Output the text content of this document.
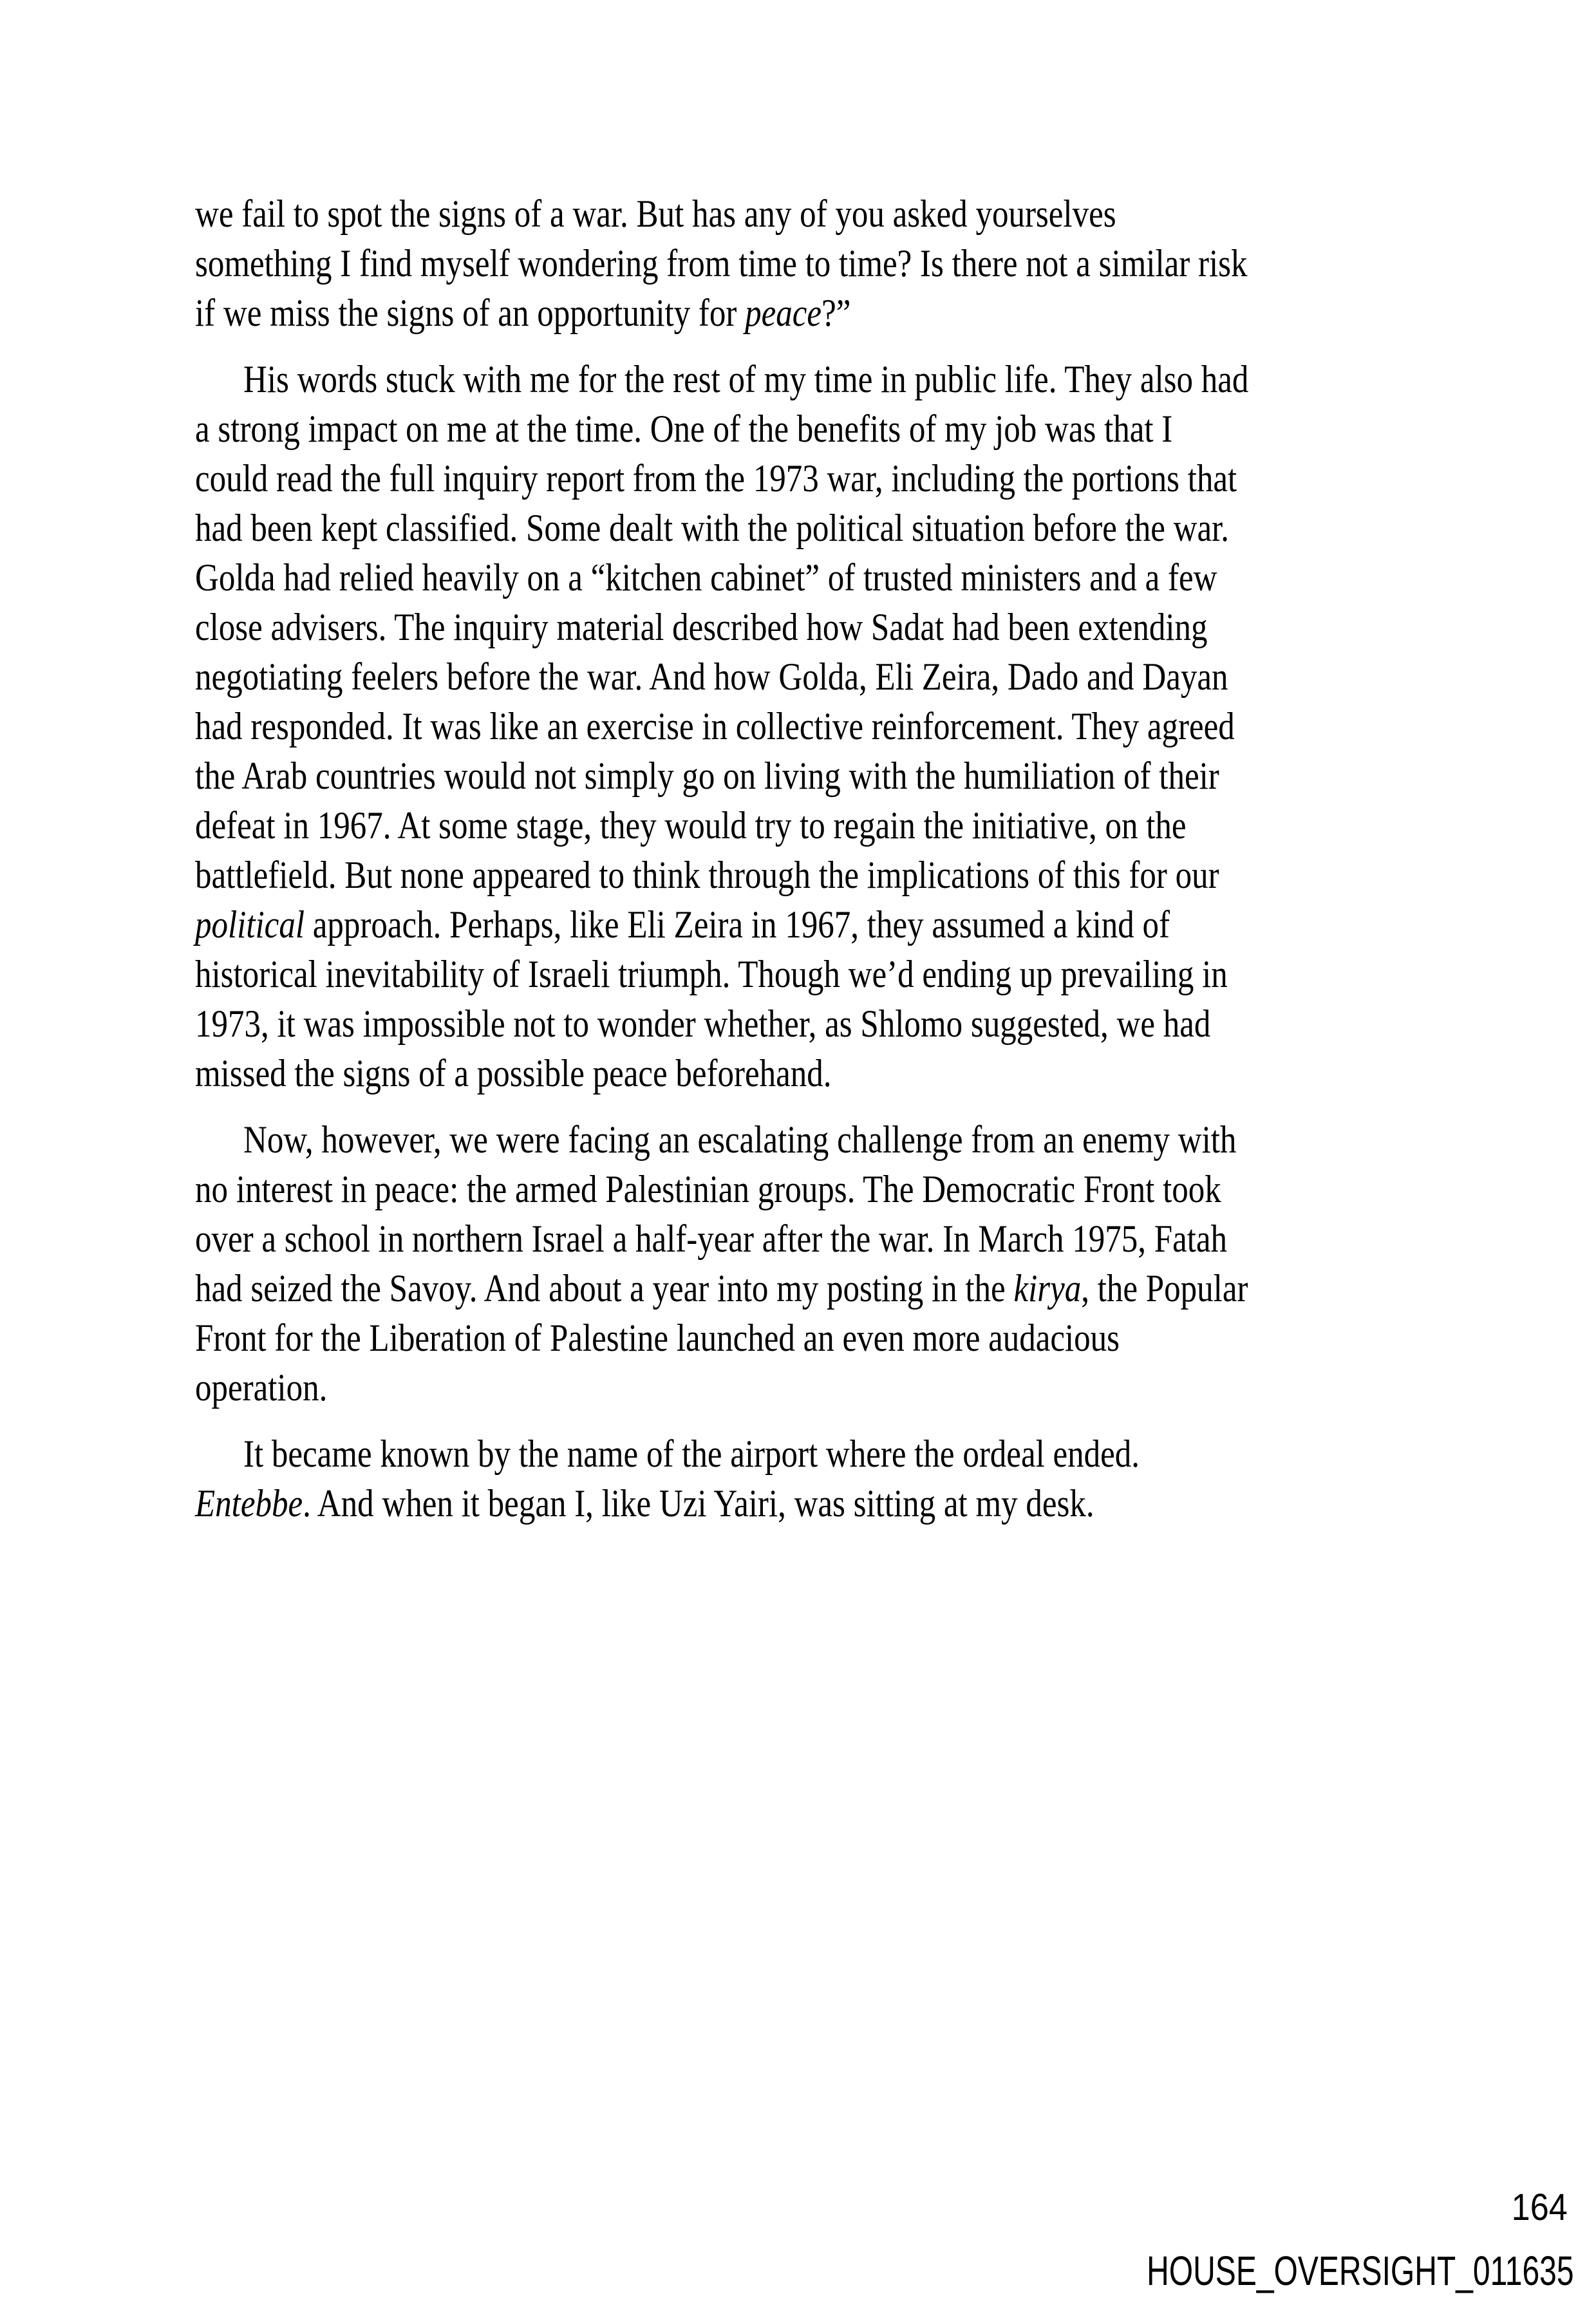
we fail to spot the signs of a war. But has any of you asked yourselves
something I find myself wondering from time to time? Is there not a similar risk
if we miss the signs of an opportunity for peace?”
His words stuck with me for the rest of my time in public life. They also had
a strong impact on me at the time. One of the benefits of my job was that I
could read the full inquiry report from the 1973 war, including the portions that
had been kept classified. Some dealt with the political situation before the war.
Golda had relied heavily on a “kitchen cabinet” of trusted ministers and a few
close advisers. The inquiry material described how Sadat had been extending
negotiating feelers before the war. And how Golda, Eli Zeira, Dado and Dayan
had responded. It was like an exercise in collective reinforcement. They agreed
the Arab countries would not simply go on living with the humiliation of their
defeat in 1967. At some stage, they would try to regain the initiative, on the
battlefield. But none appeared to think through the implications of this for our
political approach. Perhaps, like Eli Zeira in 1967, they assumed a kind of
historical inevitability of Israeli triumph. Though we’d ending up prevailing in
1973, it was impossible not to wonder whether, as Shlomo suggested, we had
missed the signs of a possible peace beforehand.
Now, however, we were facing an escalating challenge from an enemy with
no interest in peace: the armed Palestinian groups. The Democratic Front took
over a school in northern Israel a half-year after the war. In March 1975, Fatah
had seized the Savoy. And about a year into my posting in the kirya, the Popular
Front for the Liberation of Palestine launched an even more audacious
operation.
It became known by the name of the airport where the ordeal ended.
Entebbe. And when it began I, like Uzi Yairi, was sitting at my desk.
164
HOUSE_OVERSIGHT_011635
